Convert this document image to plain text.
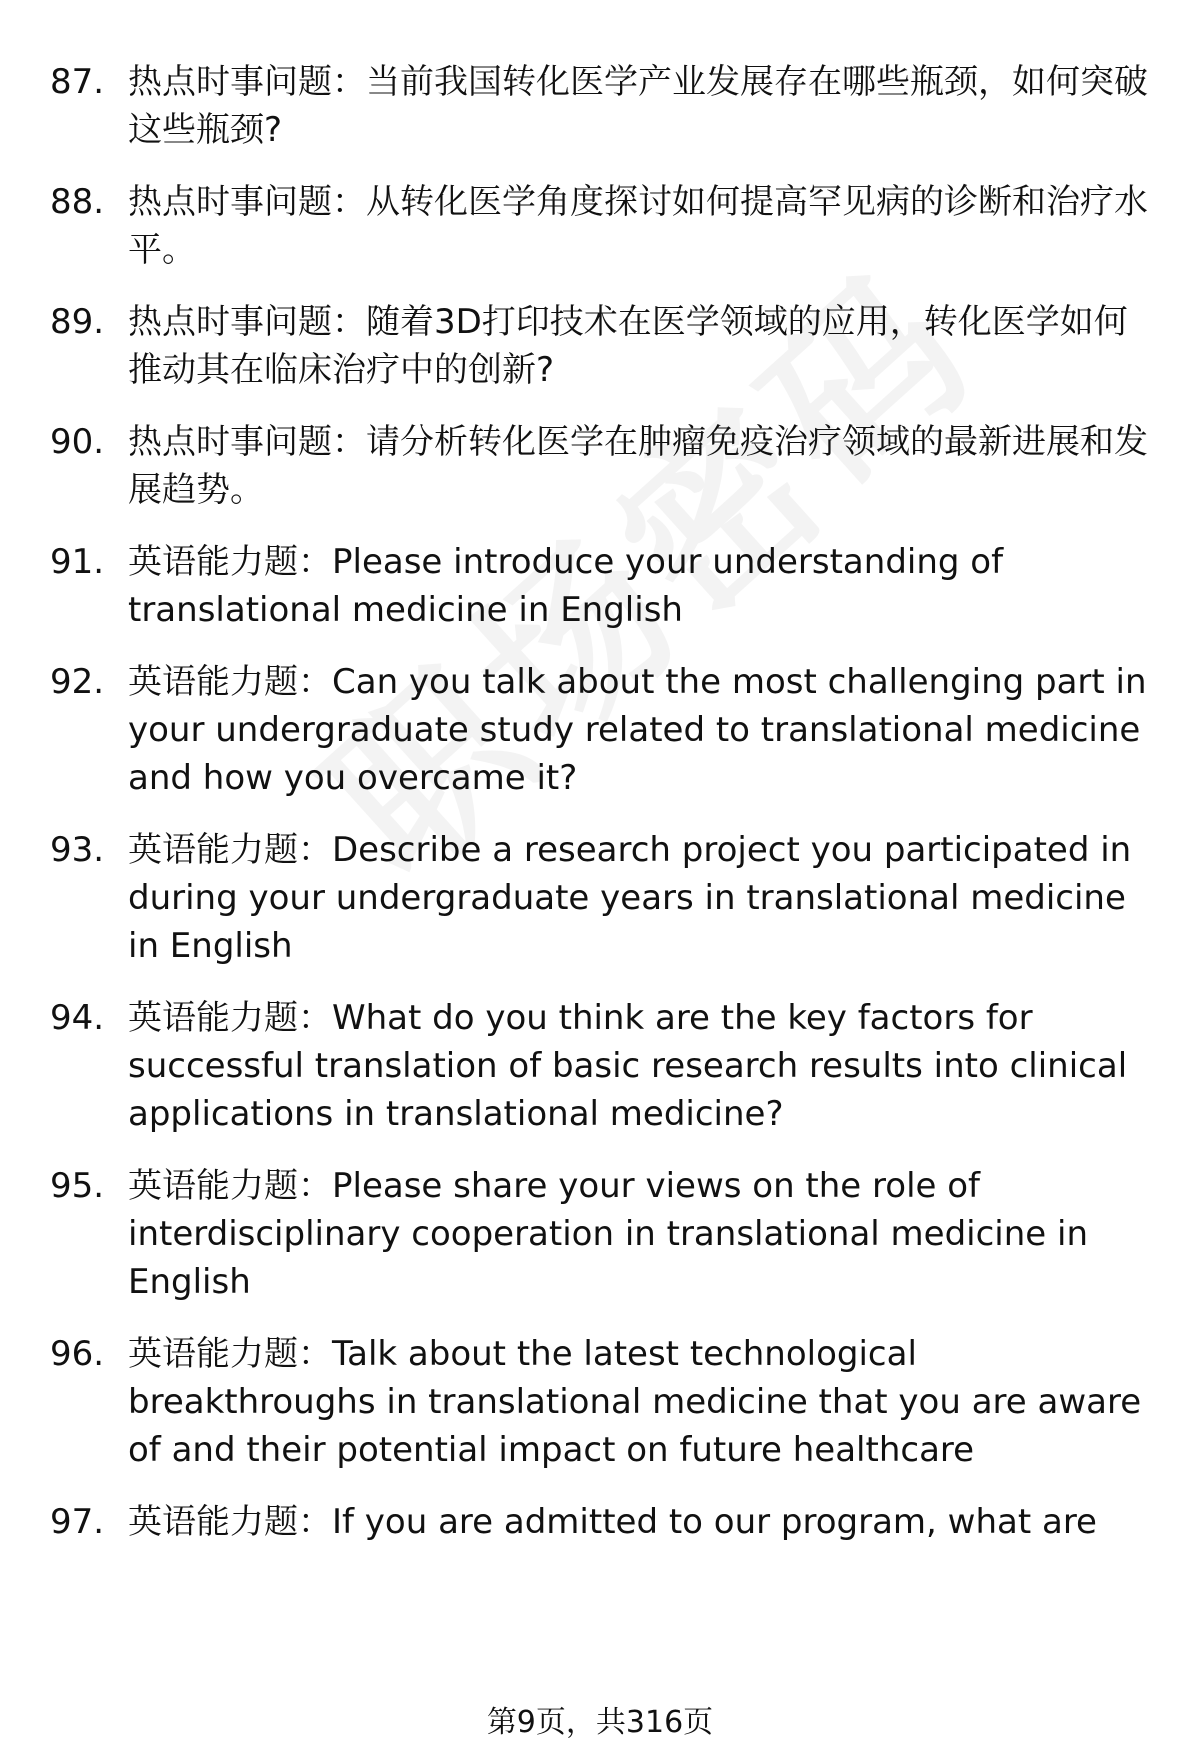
87. 热点时事问题：当前我国转化医学产业发展存在哪些瓶颈，如何突破这些瓶颈?
88. 热点时事问题：从转化医学角度探讨如何提高罕见病的诊断和治疗水平。
89. 热点时事问题：随着3D打印技术在医学领域的应用，转化医学如何推动其在临床治疗中的创新?
90. 热点时事问题：请分析转化医学在肿瘤免疫治疗领域的最新进展和发展趋势。
91. 英语能力题：Please introduce your understanding of translational medicine in English
92. 英语能力题：Can you talk about the most challenging part in your undergraduate study related to translational medicine and how you overcame it?
93. 英语能力题：Describe a research project you participated in during your undergraduate years in translational medicine in English
94. 英语能力题：What do you think are the key factors for successful translation of basic research results into clinical applications in translational medicine?
95. 英语能力题：Please share your views on the role of interdisciplinary cooperation in translational medicine in English
96. 英语能力题：Talk about the latest technological breakthroughs in translational medicine that you are aware of and their potential impact on future healthcare
97. 英语能力题：If you are admitted to our program, what are
第9页，共316页
